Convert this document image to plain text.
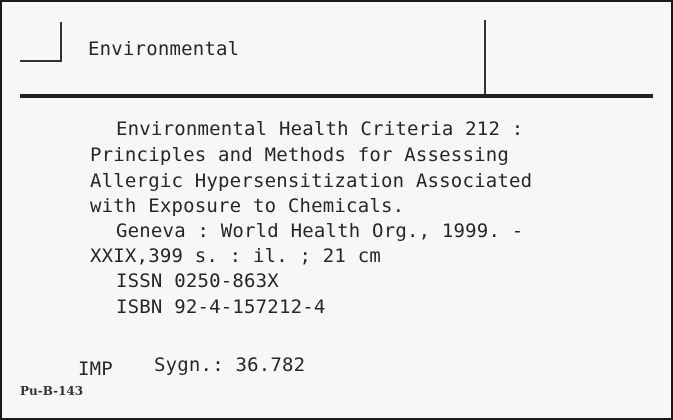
Environmental
Environmental Health Criteria 212 :
Principles and Methods for Assessing
Allergic Hypersensitization Associated
with Exposure to Chemicals.
Geneva : World Health Org., 1999. -
XXIX,399 s. : il. ; 21 cm
ISSN 0250-863X
ISBN 92-4-157212-4
IMP Sygn.: 36.782
Pu-B-143
